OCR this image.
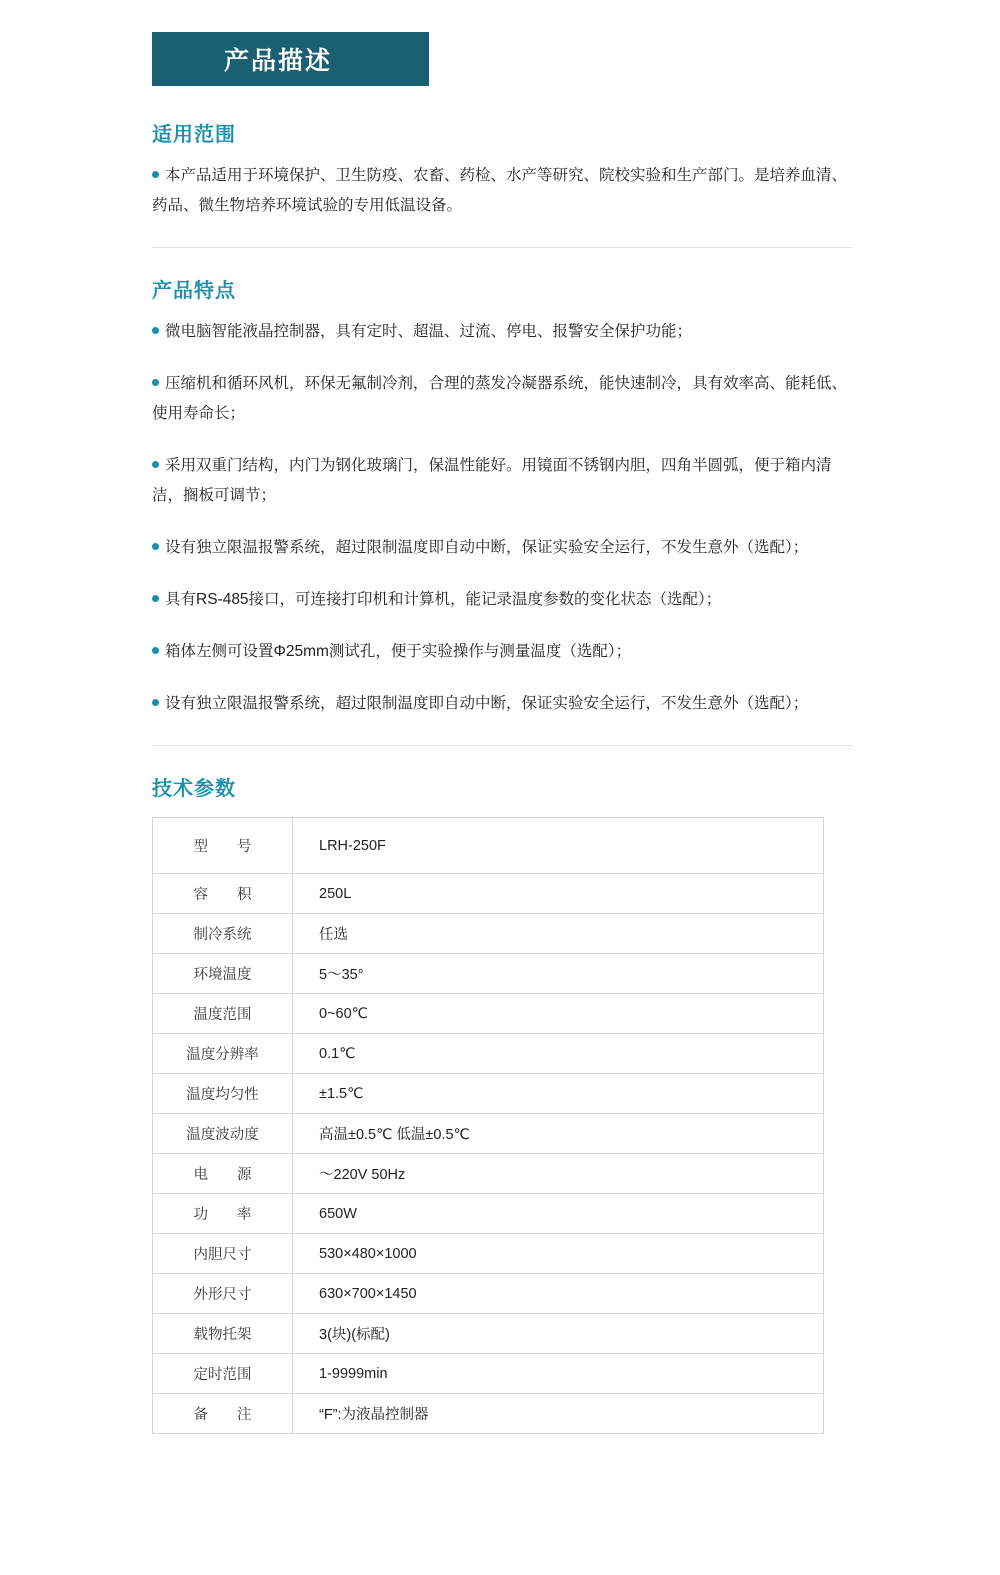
产品描述
适用范围

本产品适用于环境保护、卫生防疫、农畜、药检、水产等研究、院校实验和生产部门。是培养血清、药品、微生物培养环境试验的专用低温设备。

产品特点

微电脑智能液晶控制器，具有定时、超温、过流、停电、报警安全保护功能；

压缩机和循环风机，环保无氟制冷剂，合理的蒸发冷凝器系统，能快速制冷，具有效率高、能耗低、使用寿命长；

采用双重门结构，内门为钢化玻璃门，保温性能好。用镜面不锈钢内胆，四角半圆弧，便于箱内清洁，搁板可调节；

设有独立限温报警系统，超过限制温度即自动中断，保证实验安全运行，不发生意外（选配）；

具有RS-485接口，可连接打印机和计算机，能记录温度参数的变化状态（选配）；

箱体左侧可设置Φ25mm测试孔，便于实验操作与测量温度（选配）；

设有独立限温报警系统，超过限制温度即自动中断，保证实验安全运行，不发生意外（选配）；

技术参数
型　　号	LRH-250F
容　　积	250L
制冷系统	任选
环境温度	5～35°
温度范围	0~60℃
温度分辨率	0.1℃
温度均匀性	±1.5℃
温度波动度	高温±0.5℃ 低温±0.5℃
电　　源	～220V 50Hz
功　　率	650W
内胆尺寸	530×480×1000
外形尺寸	630×700×1450
载物托架	3(块)(标配)
定时范围	1-9999min
备　　注	“F”:为液晶控制器
